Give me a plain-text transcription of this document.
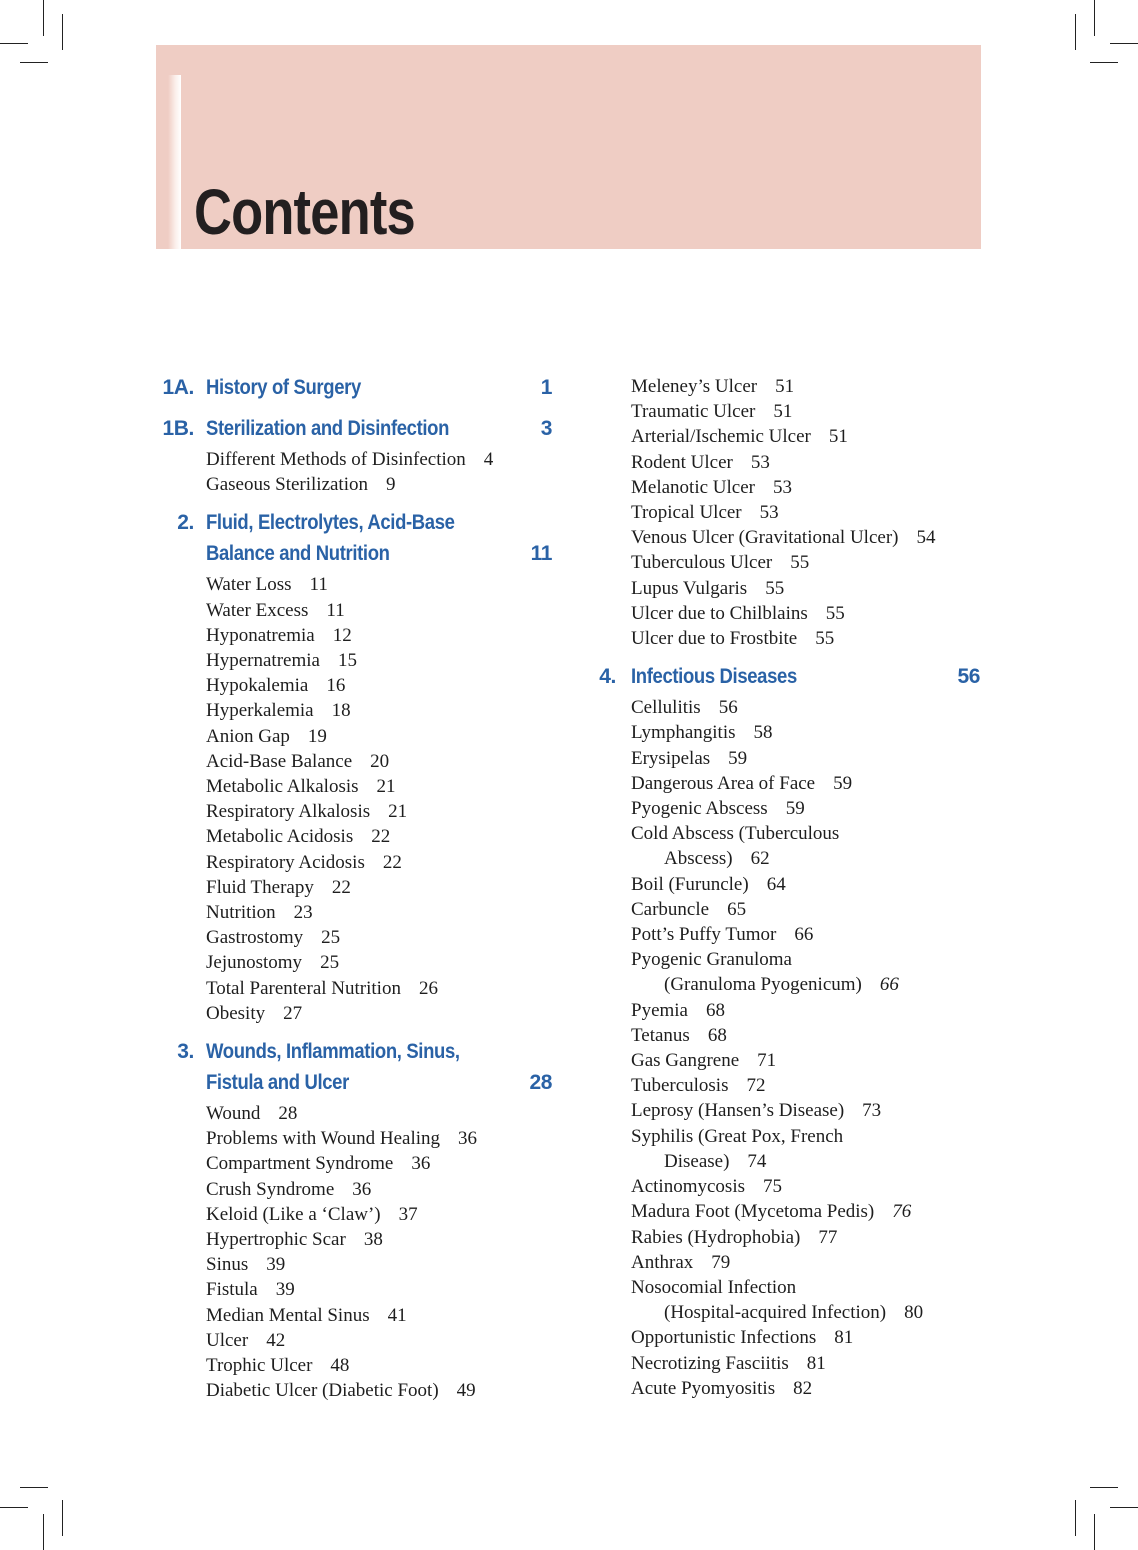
Contents
1A. History of Surgery	1
1B. Sterilization and Disinfection	3
Different Methods of Disinfection 4
Gaseous Sterilization 9
2. Fluid, Electrolytes, Acid-Base
Balance and Nutrition	11
Water Loss 11
Water Excess 11
Hyponatremia 12
Hypernatremia 15
Hypokalemia 16
Hyperkalemia 18
Anion Gap 19
Acid-Base Balance 20
Metabolic Alkalosis 21
Respiratory Alkalosis 21
Metabolic Acidosis 22
Respiratory Acidosis 22
Fluid Therapy 22
Nutrition 23
Gastrostomy 25
Jejunostomy 25
Total Parenteral Nutrition 26
Obesity 27
3. Wounds, Inflammation, Sinus,
Fistula and Ulcer	28
Wound 28
Problems with Wound Healing 36
Compartment Syndrome 36
Crush Syndrome 36
Keloid (Like a ‘Claw’) 37
Hypertrophic Scar 38
Sinus 39
Fistula 39
Median Mental Sinus 41
Ulcer 42
Trophic Ulcer 48
Diabetic Ulcer (Diabetic Foot) 49
Meleney’s Ulcer 51
Traumatic Ulcer 51
Arterial/Ischemic Ulcer 51
Rodent Ulcer 53
Melanotic Ulcer 53
Tropical Ulcer 53
Venous Ulcer (Gravitational Ulcer) 54
Tuberculous Ulcer 55
Lupus Vulgaris 55
Ulcer due to Chilblains 55
Ulcer due to Frostbite 55
4. Infectious Diseases	56
Cellulitis 56
Lymphangitis 58
Erysipelas 59
Dangerous Area of Face 59
Pyogenic Abscess 59
Cold Abscess (Tuberculous
Abscess) 62
Boil (Furuncle) 64
Carbuncle 65
Pott’s Puffy Tumor 66
Pyogenic Granuloma
(Granuloma Pyogenicum) 66
Pyemia 68
Tetanus 68
Gas Gangrene 71
Tuberculosis 72
Leprosy (Hansen’s Disease) 73
Syphilis (Great Pox, French
Disease) 74
Actinomycosis 75
Madura Foot (Mycetoma Pedis) 76
Rabies (Hydrophobia) 77
Anthrax 79
Nosocomial Infection
(Hospital-acquired Infection) 80
Opportunistic Infections 81
Necrotizing Fasciitis 81
Acute Pyomyositis 82
